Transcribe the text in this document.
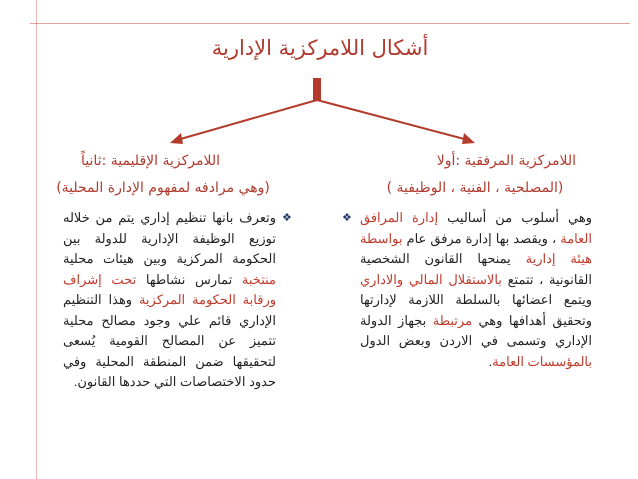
أشكال اللامركزية الإدارية
اللامركزية المرفقية :أولا
(المصلحية ، الفنية ، الوظيفية )
❖	وهي أسلوب من أساليب إدارة المرافق العامة ، ويقصد بها إدارة مرفق عام بواسطة هيئة إدارية يمنحها القانون الشخصية القانونية ، تتمتع بالاستقلال المالي والاداري ويتمع اعضائها بالسلطة اللازمة لإدارتها وتحقيق أهدافها وهي مرتبطة بجهاز الدولة الإداري وتسمى في الاردن وبعض الدول بالمؤسسات العامة.
اللامركزية الإقليمية :ثانياً
(وهي مرادفه لمفهوم الإدارة المحلية)
❖
وتعرف بانها تنظيم إداري يتم من خلاله توزيع الوظيفة الإدارية للدولة بين الحكومة المركزية وبين هيئات محلية منتخبة تمارس نشاطها تحت إشراف ورقابة الحكومة المركزية وهذا التنظيم الإداري قائم علي وجود مصالح محلية تتميز عن المصالح القومية يُسعى لتحقيقها ضمن المنطقة المحلية وفي حدود الاختصاصات التي حددها القانون.
